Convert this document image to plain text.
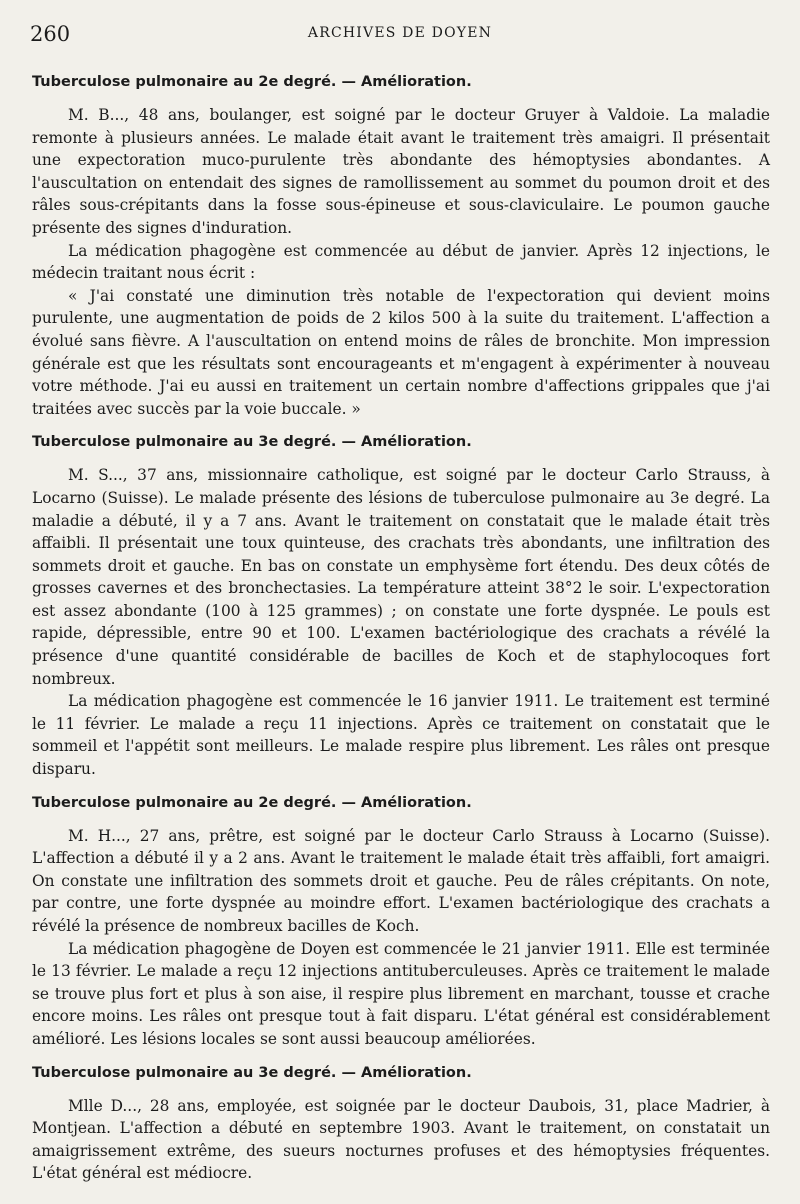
260	ARCHIVES DE DOYEN
Tuberculose pulmonaire au 2e degré. — Amélioration.

M. B..., 48 ans, boulanger, est soigné par le docteur Gruyer à Valdoie. La maladie remonte à plusieurs années. Le malade était avant le traitement très amaigri. Il présentait une expectoration muco-purulente très abondante des hémoptysies abondantes. A l'auscultation on entendait des signes de ramollissement au sommet du poumon droit et des râles sous-crépitants dans la fosse sous-épineuse et sous-claviculaire. Le poumon gauche présente des signes d'induration.

La médication phagogène est commencée au début de janvier. Après 12 injections, le médecin traitant nous écrit :

« J'ai constaté une diminution très notable de l'expectoration qui devient moins purulente, une augmentation de poids de 2 kilos 500 à la suite du traitement. L'affection a évolué sans fièvre. A l'auscultation on entend moins de râles de bronchite. Mon impression générale est que les résultats sont encourageants et m'engagent à expérimenter à nouveau votre méthode. J'ai eu aussi en traitement un certain nombre d'affections grippales que j'ai traitées avec succès par la voie buccale. »

Tuberculose pulmonaire au 3e degré. — Amélioration.

M. S..., 37 ans, missionnaire catholique, est soigné par le docteur Carlo Strauss, à Locarno (Suisse). Le malade présente des lésions de tuberculose pulmonaire au 3e degré. La maladie a débuté, il y a 7 ans. Avant le traitement on constatait que le malade était très affaibli. Il présentait une toux quinteuse, des crachats très abondants, une infiltration des sommets droit et gauche. En bas on constate un emphysème fort étendu. Des deux côtés de grosses cavernes et des bronchectasies. La température atteint 38°2 le soir. L'expectoration est assez abondante (100 à 125 grammes) ; on constate une forte dyspnée. Le pouls est rapide, dépressible, entre 90 et 100. L'examen bactériologique des crachats a révélé la présence d'une quantité considérable de bacilles de Koch et de staphylocoques fort nombreux.

La médication phagogène est commencée le 16 janvier 1911. Le traitement est terminé le 11 février. Le malade a reçu 11 injections. Après ce traitement on constatait que le sommeil et l'appétit sont meilleurs. Le malade respire plus librement. Les râles ont presque disparu.

Tuberculose pulmonaire au 2e degré. — Amélioration.

M. H..., 27 ans, prêtre, est soigné par le docteur Carlo Strauss à Locarno (Suisse). L'affection a débuté il y a 2 ans. Avant le traitement le malade était très affaibli, fort amaigri. On constate une infiltration des sommets droit et gauche. Peu de râles crépitants. On note, par contre, une forte dyspnée au moindre effort. L'examen bactériologique des crachats a révélé la présence de nombreux bacilles de Koch.

La médication phagogène de Doyen est commencée le 21 janvier 1911. Elle est terminée le 13 février. Le malade a reçu 12 injections antituberculeuses. Après ce traitement le malade se trouve plus fort et plus à son aise, il respire plus librement en marchant, tousse et crache encore moins. Les râles ont presque tout à fait disparu. L'état général est considérablement amélioré. Les lésions locales se sont aussi beaucoup améliorées.

Tuberculose pulmonaire au 3e degré. — Amélioration.

Mlle D..., 28 ans, employée, est soignée par le docteur Daubois, 31, place Madrier, à Montjean. L'affection a débuté en septembre 1903. Avant le traitement, on constatait un amaigrissement extrême, des sueurs nocturnes profuses et des hémoptysies fréquentes. L'état général est médiocre.
